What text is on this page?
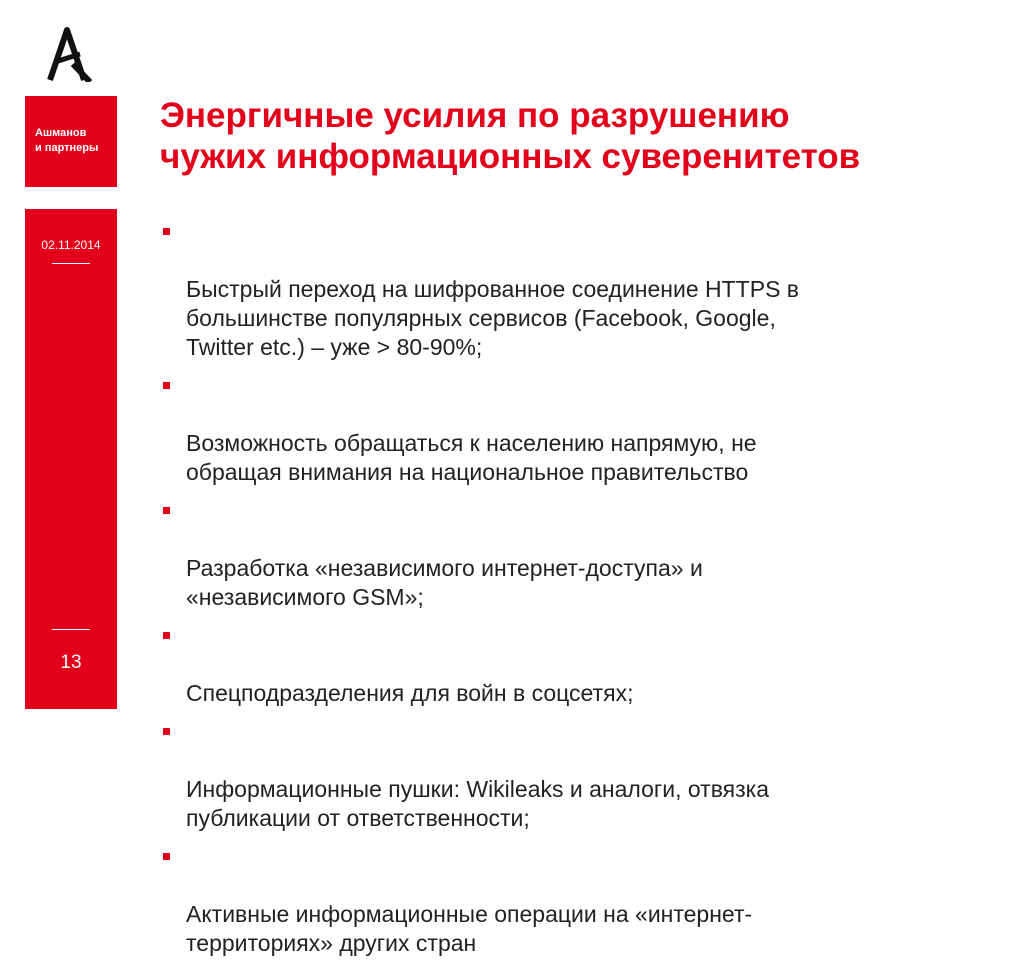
Ашманов
и партнеры
02.11.2014
13
Энергичные усилия по разрушению
чужих информационных суверенитетов

Быстрый переход на шифрованное соединение HTTPS в
большинстве популярных сервисов (Facebook, Google,
Twitter etc.) – уже > 80-90%;

Возможность обращаться к населению напрямую, не
обращая внимания на национальное правительство

Разработка «независимого интернет-доступа» и
«независимого GSM»;

Спецподразделения для войн в соцсетях;

Информационные пушки: Wikileaks и аналоги, отвязка
публикации от ответственности;

Активные информационные операции на «интернет-
территориях» других стран
